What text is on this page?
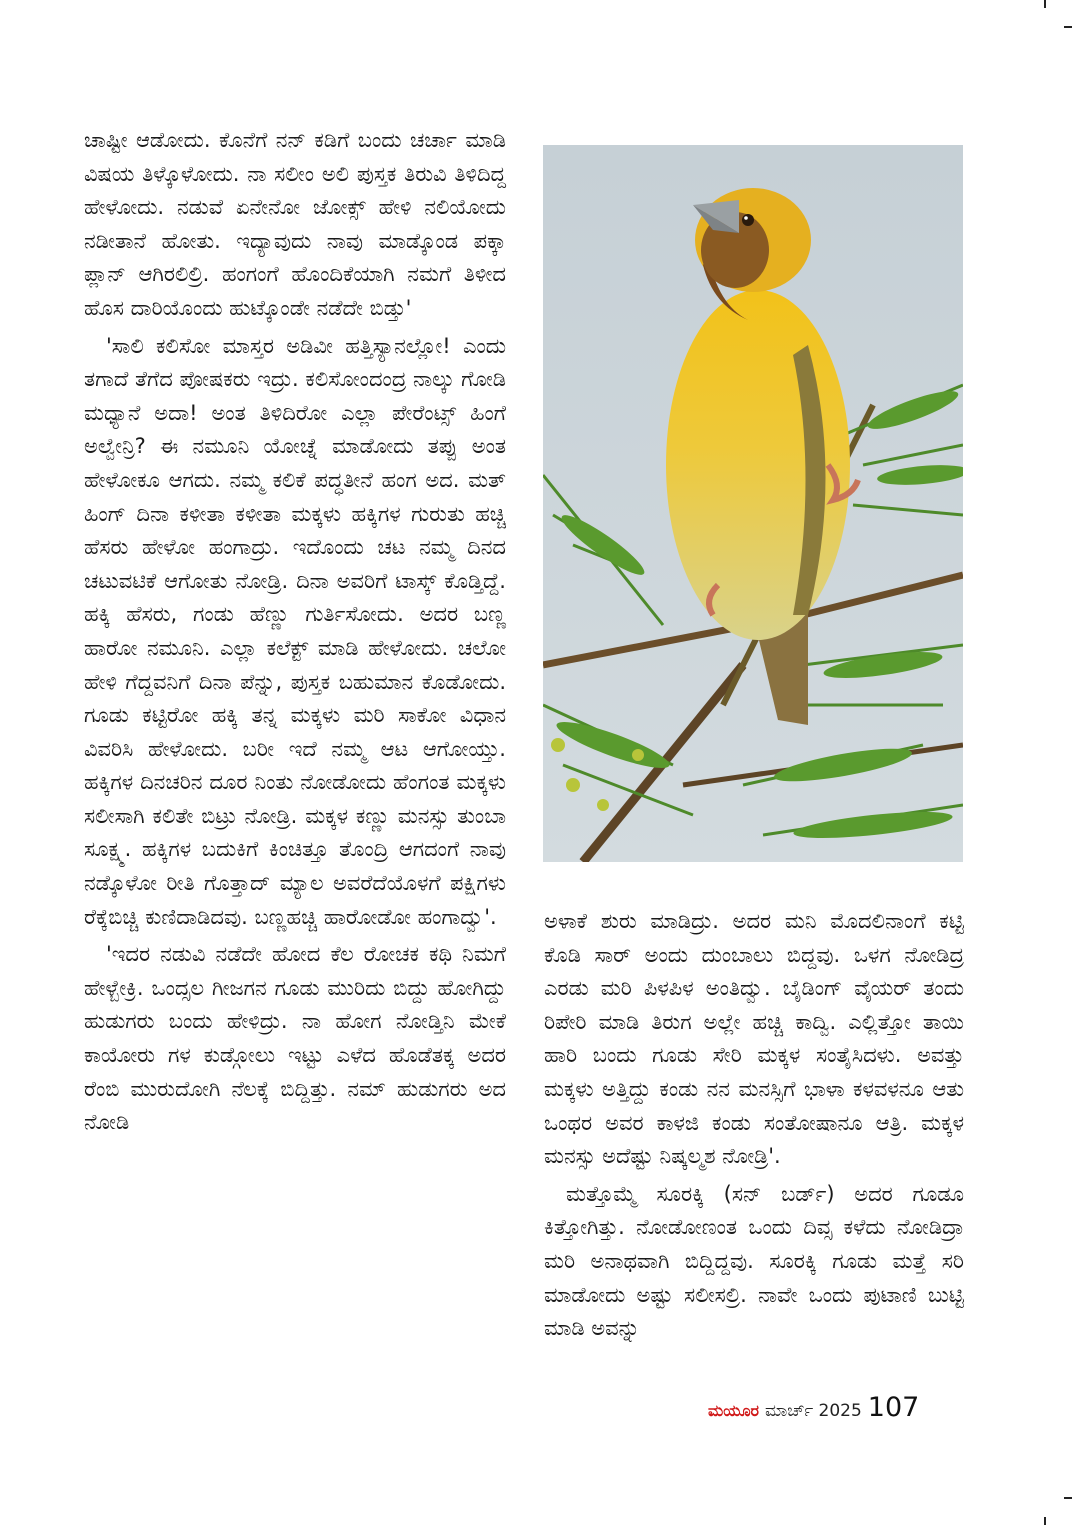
ಚಾಷ್ಟೀ ಆಡೋದು. ಕೊನೆಗೆ ನನ್ ಕಡಿಗೆ ಬಂದು ಚರ್ಚಾ ಮಾಡಿ ವಿಷಯ ತಿಳ್ಕೊಳೋದು. ನಾ ಸಲೀಂ ಅಲಿ ಪುಸ್ತಕ ತಿರುವಿ ತಿಳಿದಿದ್ದ ಹೇಳೋದು. ನಡುವೆ ಏನೇನೋ ಜೋಕ್ಸ್ ಹೇಳಿ ನಲಿಯೋದು ನಡೀತಾನೆ ಹೋತು. ಇದ್ಯಾವುದು ನಾವು ಮಾಡ್ಕೊಂಡ ಪಕ್ಕಾ ಪ್ಲಾನ್ ಆಗಿರಲಿಲ್ರಿ. ಹಂಗಂಗೆ ಹೊಂದಿಕೆಯಾಗಿ ನಮಗೆ ತಿಳೀದ ಹೊಸ ದಾರಿಯೊಂದು ಹುಟ್ಕೊಂಡೇ ನಡೆದೇ ಬಿಡ್ತು'

'ಸಾಲಿ ಕಲಿಸೋ ಮಾಸ್ತರ ಅಡಿವೀ ಹತ್ತಿಸ್ಯಾನಲ್ಲೋ! ಎಂದು ತಗಾದೆ ತೆಗೆದ ಪೋಷಕರು ಇದ್ರು. ಕಲಿಸೋಂದಂದ್ರ ನಾಲ್ಕು ಗೋಡಿ ಮಧ್ಯಾನೆ ಅದಾ! ಅಂತ ತಿಳಿದಿರೋ ಎಲ್ಲಾ ಪೇರೆಂಟ್ಸ್ ಹಿಂಗೆ ಅಲ್ವೇನ್ರಿ? ಈ ನಮೂನಿ ಯೋಚ್ನೆ ಮಾಡೋದು ತಪ್ಪು ಅಂತ ಹೇಳೋಕೂ ಆಗದು. ನಮ್ಮ ಕಲಿಕೆ ಪದ್ಧತೀನೆ ಹಂಗ ಅದ. ಮತ್ ಹಿಂಗ್ ದಿನಾ ಕಳೀತಾ ಕಳೀತಾ ಮಕ್ಕಳು ಹಕ್ಕಿಗಳ ಗುರುತು ಹಚ್ಚಿ ಹೆಸರು ಹೇಳೋ ಹಂಗಾದ್ರು. ಇದೊಂದು ಚಟ ನಮ್ಮ ದಿನದ ಚಟುವಟಿಕೆ ಆಗೋತು ನೋಡ್ರಿ. ದಿನಾ ಅವರಿಗೆ ಟಾಸ್ಕ್ ಕೊಡ್ತಿದ್ದೆ. ಹಕ್ಕಿ ಹೆಸರು, ಗಂಡು ಹೆಣ್ಣು ಗುರ್ತಿಸೋದು. ಅದರ ಬಣ್ಣ ಹಾರೋ ನಮೂನಿ. ಎಲ್ಲಾ ಕಲೆಕ್ಟ್ ಮಾಡಿ ಹೇಳೋದು. ಚಲೋ ಹೇಳಿ ಗೆದ್ದವನಿಗೆ ದಿನಾ ಪೆನ್ನು, ಪುಸ್ತಕ ಬಹುಮಾನ ಕೊಡೋದು. ಗೂಡು ಕಟ್ಟಿರೋ ಹಕ್ಕಿ ತನ್ನ ಮಕ್ಕಳು ಮರಿ ಸಾಕೋ ವಿಧಾನ ವಿವರಿಸಿ ಹೇಳೋದು. ಬರೀ ಇದೆ ನಮ್ಮ ಆಟ ಆಗೋಯ್ತು. ಹಕ್ಕಿಗಳ ದಿನಚರಿನ ದೂರ ನಿಂತು ನೋಡೋದು ಹೆಂಗಂತ ಮಕ್ಕಳು ಸಲೀಸಾಗಿ ಕಲಿತೇ ಬಿಟ್ರು ನೋಡ್ರಿ. ಮಕ್ಕಳ ಕಣ್ಣು ಮನಸ್ಸು ತುಂಬಾ ಸೂಕ್ಷ್ಮ. ಹಕ್ಕಿಗಳ ಬದುಕಿಗೆ ಕಿಂಚಿತ್ತೂ ತೊಂದ್ರಿ ಆಗದಂಗೆ ನಾವು ನಡ್ಕೊಳೋ ರೀತಿ ಗೊತ್ತಾದ್ ಮ್ಯಾಲ ಅವರೆದೆಯೊಳಗೆ ಪಕ್ಷಿಗಳು ರೆಕ್ಕೆಬಿಚ್ಚಿ ಕುಣಿದಾಡಿದವು. ಬಣ್ಣಹಚ್ಚಿ ಹಾರೋಡೋ ಹಂಗಾದ್ವು'.

'ಇದರ ನಡುವಿ ನಡೆದೇ ಹೋದ ಕೆಲ ರೋಚಕ ಕಥಿ ನಿಮಗೆ ಹೇಳ್ಬೇಕ್ರಿ. ಒಂದ್ಸಲ ಗೀಜಗನ ಗೂಡು ಮುರಿದು ಬಿದ್ದು ಹೋಗಿದ್ದು ಹುಡುಗರು ಬಂದು ಹೇಳಿದ್ರು. ನಾ ಹೋಗ ನೋಡ್ತಿನಿ ಮೇಕೆ ಕಾಯೋರು ಗಳ ಕುಡ್ಗೋಲು ಇಟ್ಟು ಎಳೆದ ಹೊಡೆತಕ್ಕ ಅದರ ರೆಂಬಿ ಮುರುದೋಗಿ ನೆಲಕ್ಕೆ ಬಿದ್ದಿತ್ತು. ನಮ್ ಹುಡುಗರು ಅದ ನೋಡಿ

ಅಳಾಕೆ ಶುರು ಮಾಡಿದ್ರು. ಅದರ ಮನಿ ಮೊದಲಿನಾಂಗೆ ಕಟ್ಟಿ ಕೊಡಿ ಸಾರ್ ಅಂದು ದುಂಬಾಲು ಬಿದ್ದವು. ಒಳಗ ನೋಡಿದ್ರ ಎರಡು ಮರಿ ಪಿಳಪಿಳ ಅಂತಿದ್ವು. ಬೈಡಿಂಗ್ ವೈಯರ್ ತಂದು ರಿಪೇರಿ ಮಾಡಿ ತಿರುಗ ಅಲ್ಲೇ ಹಚ್ಚಿ ಕಾದ್ವಿ. ಎಲ್ಲಿತ್ತೋ ತಾಯಿ ಹಾರಿ ಬಂದು ಗೂಡು ಸೇರಿ ಮಕ್ಕಳ ಸಂತೈಸಿದಳು. ಅವತ್ತು ಮಕ್ಕಳು ಅತ್ತಿದ್ದು ಕಂಡು ನನ ಮನಸ್ಸಿಗೆ ಭಾಳಾ ಕಳವಳನೂ ಆತು ಒಂಥರ ಅವರ ಕಾಳಜಿ ಕಂಡು ಸಂತೋಷಾನೂ ಆತ್ರಿ. ಮಕ್ಕಳ ಮನಸ್ಸು ಅದೆಷ್ಟು ನಿಷ್ಕಲ್ಮಶ ನೋಡ್ರಿ'.

ಮತ್ತೊಮ್ಮೆ ಸೂರಕ್ಕಿ (ಸನ್ ಬರ್ಡ್) ಅದರ ಗೂಡೂ ಕಿತ್ತೋಗಿತ್ತು. ನೋಡೋಣಂತ ಒಂದು ದಿವ್ಸ ಕಳೆದು ನೋಡಿದ್ರಾ ಮರಿ ಅನಾಥವಾಗಿ ಬಿದ್ದಿದ್ದವು. ಸೂರಕ್ಕಿ ಗೂಡು ಮತ್ತೆ ಸರಿ ಮಾಡೋದು ಅಷ್ಟು ಸಲೀಸಲ್ರಿ. ನಾವೇ ಒಂದು ಪುಟಾಣಿ ಬುಟ್ಟಿ ಮಾಡಿ ಅವನ್ನು

ಮಯೂರ ಮಾರ್ಚ್ 2025 107
